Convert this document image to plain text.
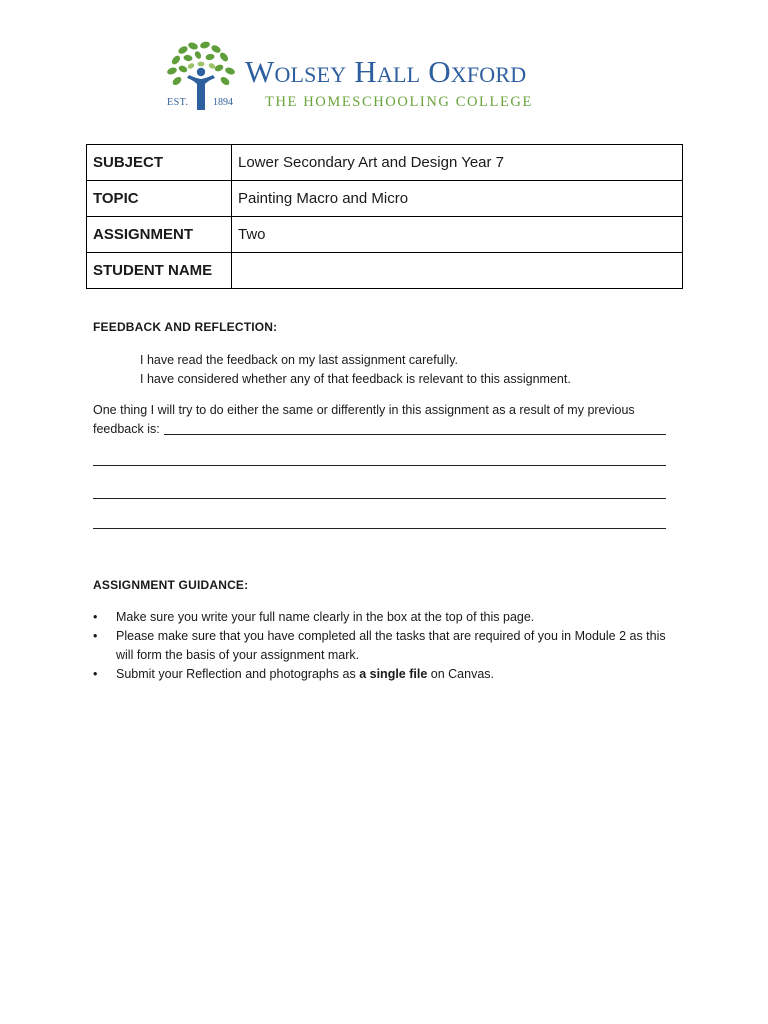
EST. 1894
Wolsey Hall Oxford
THE HOMESCHOOLING COLLEGE
SUBJECT	Lower Secondary Art and Design Year 7
TOPIC	Painting Macro and Micro
ASSIGNMENT	Two
STUDENT NAME	
FEEDBACK AND REFLECTION:
I have read the feedback on my last assignment carefully.
I have considered whether any of that feedback is relevant to this assignment.
One thing I will try to do either the same or differently in this assignment as a result of my previous
feedback is:
ASSIGNMENT GUIDANCE:
• Make sure you write your full name clearly in the box at the top of this page.
• Please make sure that you have completed all the tasks that are required of you in Module 2 as this will form the basis of your assignment mark.
• Submit your Reflection and photographs as a single file on Canvas.
